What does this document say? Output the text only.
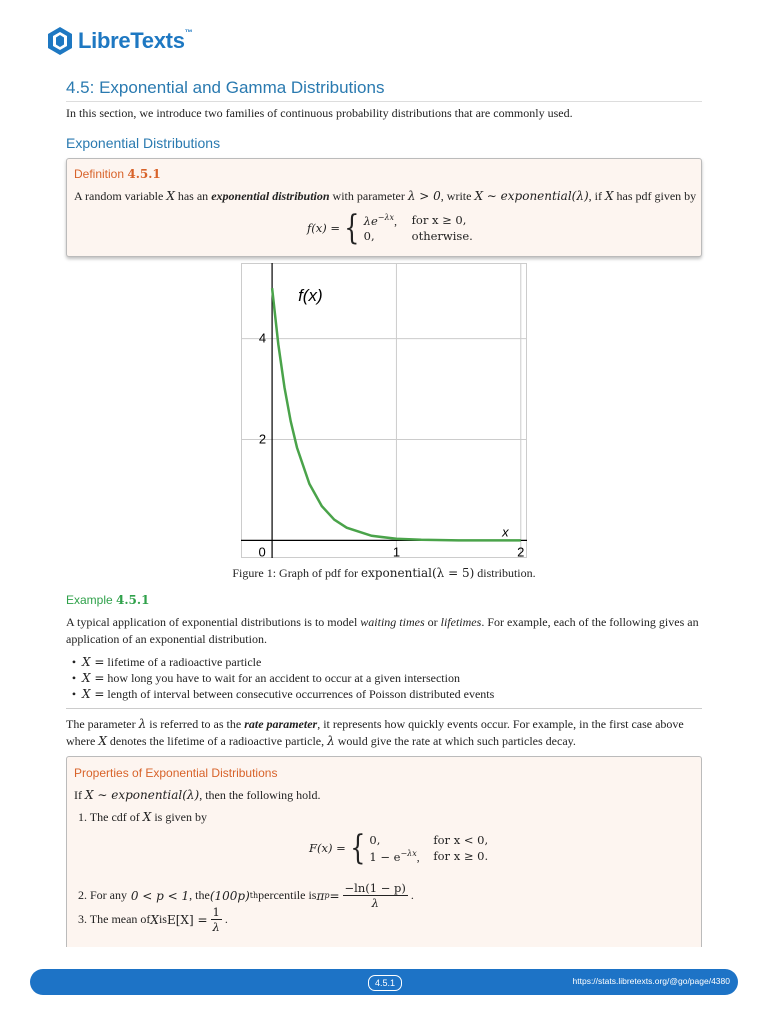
LibreTexts™
4.5: Exponential and Gamma Distributions
In this section, we introduce two families of continuous probability distributions that are commonly used.
Exponential Distributions
Definition 4.5.1
A random variable X has an exponential distribution with parameter λ > 0, write X ∼ exponential(λ), if X has pdf given by
f(x) = { $\lambda e^{-\lambda x}$,	for x ≥ 0,
0,	otherwise.
0	1	2
2
4
f(x)
x
Figure 1: Graph of pdf for exponential(λ = 5) distribution.
Example 4.5.1
A typical application of exponential distributions is to model waiting times or lifetimes. For example, each of the following gives an application of an exponential distribution.
• X =
lifetime of a radioactive particle
• X =
how long you have to wait for an accident to occur at a given intersection
• X =
length of interval between consecutive occurrences of Poisson distributed events
The parameter λ is referred to as the rate parameter, it represents how quickly events occur. For example, in the first case above where X denotes the lifetime of a radioactive particle, λ would give the rate at which such particles decay.
Properties of Exponential Distributions
If X ∼ exponential(λ), then the following hold.
1. The cdf of X is given by
F(x) = { 0,	for x < 0,
$1 - e^{-\lambda x}$,	for x ≥ 0.
2. For any
0 < p < 1 , the (100p) th percentile is π $p = \frac{-\ln(1 - p)}{\lambda}$ .
3. The mean of X is $E[X] = \frac{1}{\lambda}$ .
4.5.1	https://stats.libretexts.org/@go/page/4380
